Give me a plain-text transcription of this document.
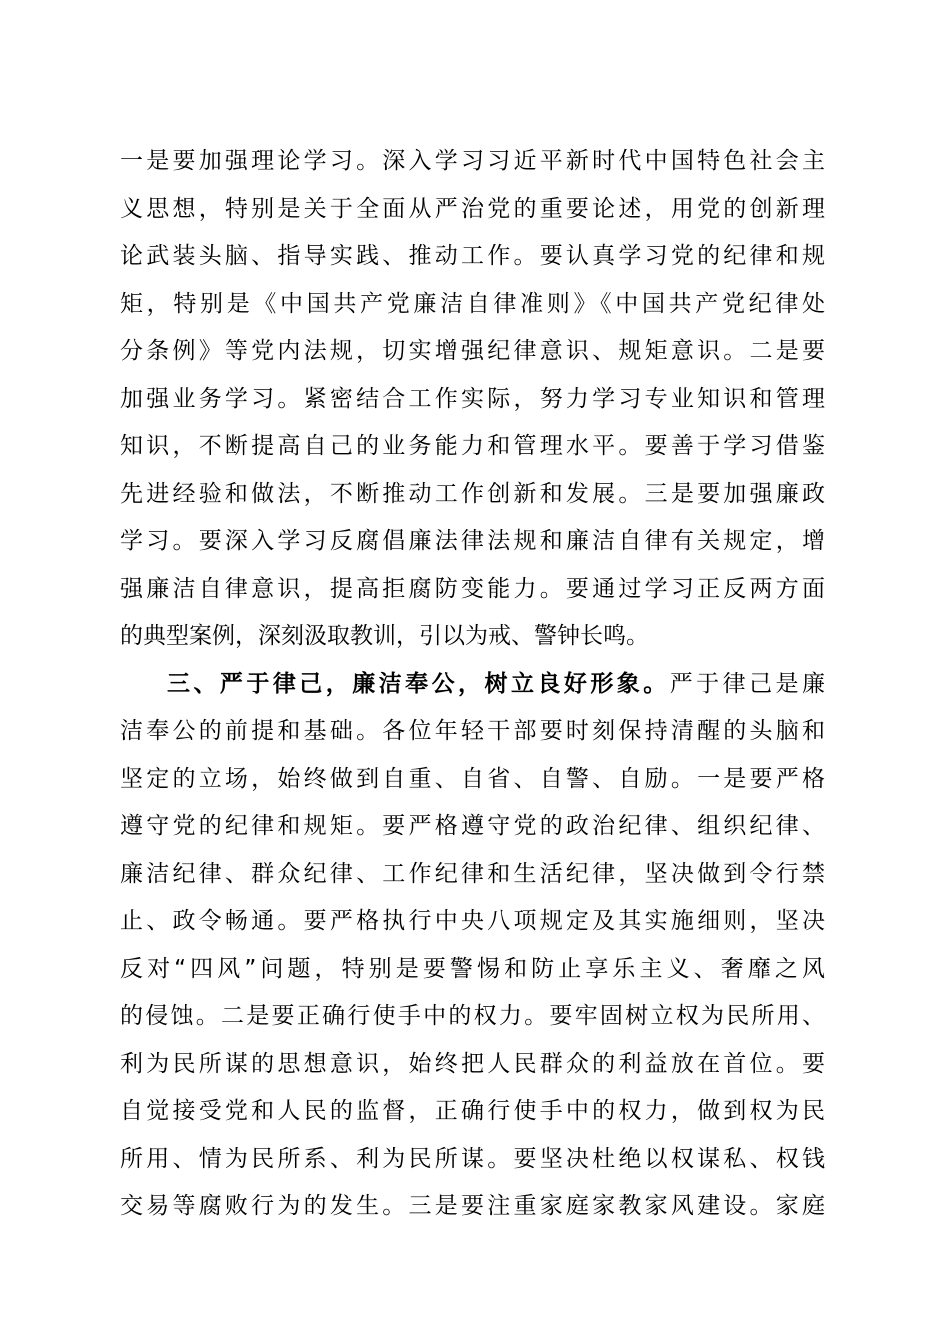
一是要加强理论学习。深入学习习近平新时代中国特色社会主
义思想，特别是关于全面从严治党的重要论述，用党的创新理
论武装头脑、指导实践、推动工作。要认真学习党的纪律和规
矩，特别是《中国共产党廉洁自律准则》《中国共产党纪律处
分条例》等党内法规，切实增强纪律意识、规矩意识。二是要
加强业务学习。紧密结合工作实际，努力学习专业知识和管理
知识，不断提高自己的业务能力和管理水平。要善于学习借鉴
先进经验和做法，不断推动工作创新和发展。三是要加强廉政
学习。要深入学习反腐倡廉法律法规和廉洁自律有关规定，增
强廉洁自律意识，提高拒腐防变能力。要通过学习正反两方面
的典型案例，深刻汲取教训，引以为戒、警钟长鸣。
三、严于律己，廉洁奉公，树立良好形象。严于律己是廉
洁奉公的前提和基础。各位年轻干部要时刻保持清醒的头脑和
坚定的立场，始终做到自重、自省、自警、自励。一是要严格
遵守党的纪律和规矩。要严格遵守党的政治纪律、组织纪律、
廉洁纪律、群众纪律、工作纪律和生活纪律，坚决做到令行禁
止、政令畅通。要严格执行中央八项规定及其实施细则，坚决
反对“四风”问题，特别是要警惕和防止享乐主义、奢靡之风
的侵蚀。二是要正确行使手中的权力。要牢固树立权为民所用、
利为民所谋的思想意识，始终把人民群众的利益放在首位。要
自觉接受党和人民的监督，正确行使手中的权力，做到权为民
所用、情为民所系、利为民所谋。要坚决杜绝以权谋私、权钱
交易等腐败行为的发生。三是要注重家庭家教家风建设。家庭
